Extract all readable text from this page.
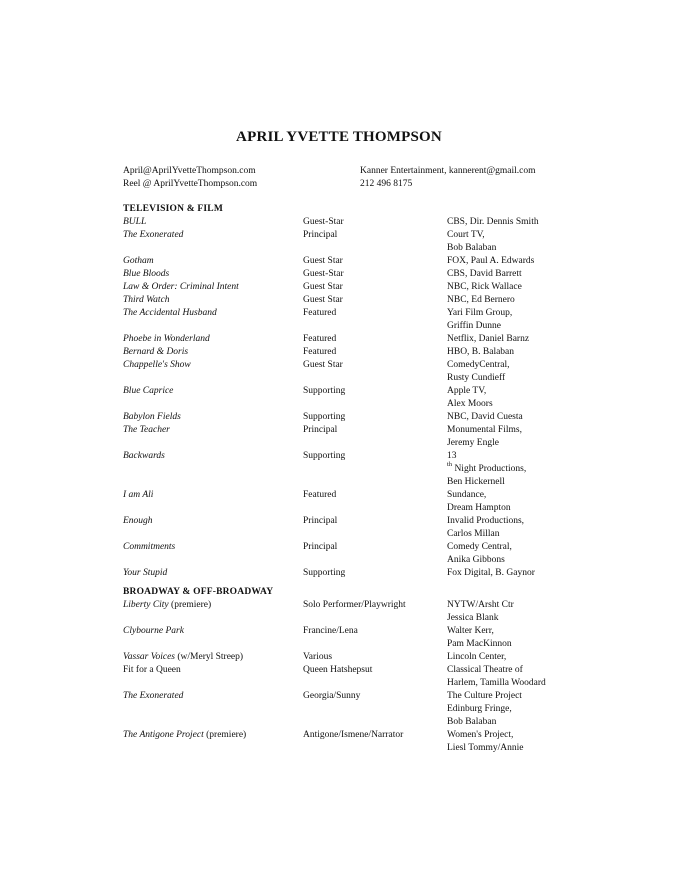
APRIL YVETTE THOMPSON
April@AprilYvetteThompson.com
Reel @ AprilYvetteThompson.com
Kanner Entertainment, kannerent@gmail.com
212 496 8175
TELEVISION & FILM
BULL	Guest-Star	CBS, Dir. Dennis Smith
The Exonerated	Principal	Court TV,
Bob Balaban
Gotham	Guest Star	FOX, Paul A. Edwards
Blue Bloods	Guest-Star	CBS, David Barrett
Law & Order: Criminal Intent	Guest Star	NBC, Rick Wallace
Third Watch	Guest Star	NBC, Ed Bernero
The Accidental Husband	Featured	Yari Film Group,
Griffin Dunne
Phoebe in Wonderland	Featured	Netflix, Daniel Barnz
Bernard & Doris	Featured	HBO, B. Balaban
Chappelle's Show	Guest Star	ComedyCentral,
Rusty Cundieff
Blue Caprice	Supporting	Apple TV,
Alex Moors
Babylon Fields	Supporting	NBC, David Cuesta
The Teacher	Principal	Monumental Films,
Jeremy Engle
Backwards	Supporting	13
$^{th}$ Night Productions,
Ben Hickernell
I am Ali	Featured	Sundance,
Dream Hampton
Enough	Principal	Invalid Productions,
Carlos Millan
Commitments	Principal	Comedy Central,
Anika Gibbons
Your Stupid	Supporting	Fox Digital, B. Gaynor
BROADWAY & OFF-BROADWAY
Liberty City (premiere)	Solo Performer/Playwright	NYTW/Arsht Ctr
Jessica Blank
Clybourne Park	Francine/Lena	Walter Kerr,
Pam MacKinnon
Vassar Voices (w/Meryl Streep)	Various	Lincoln Center,
Fit for a Queen	Queen Hatshepsut	Classical Theatre of
Harlem, Tamilla Woodard
The Exonerated	Georgia/Sunny	The Culture Project
Edinburg Fringe,
Bob Balaban
The Antigone Project (premiere)	Antigone/Ismene/Narrator	Women's Project,
Liesl Tommy/Annie
